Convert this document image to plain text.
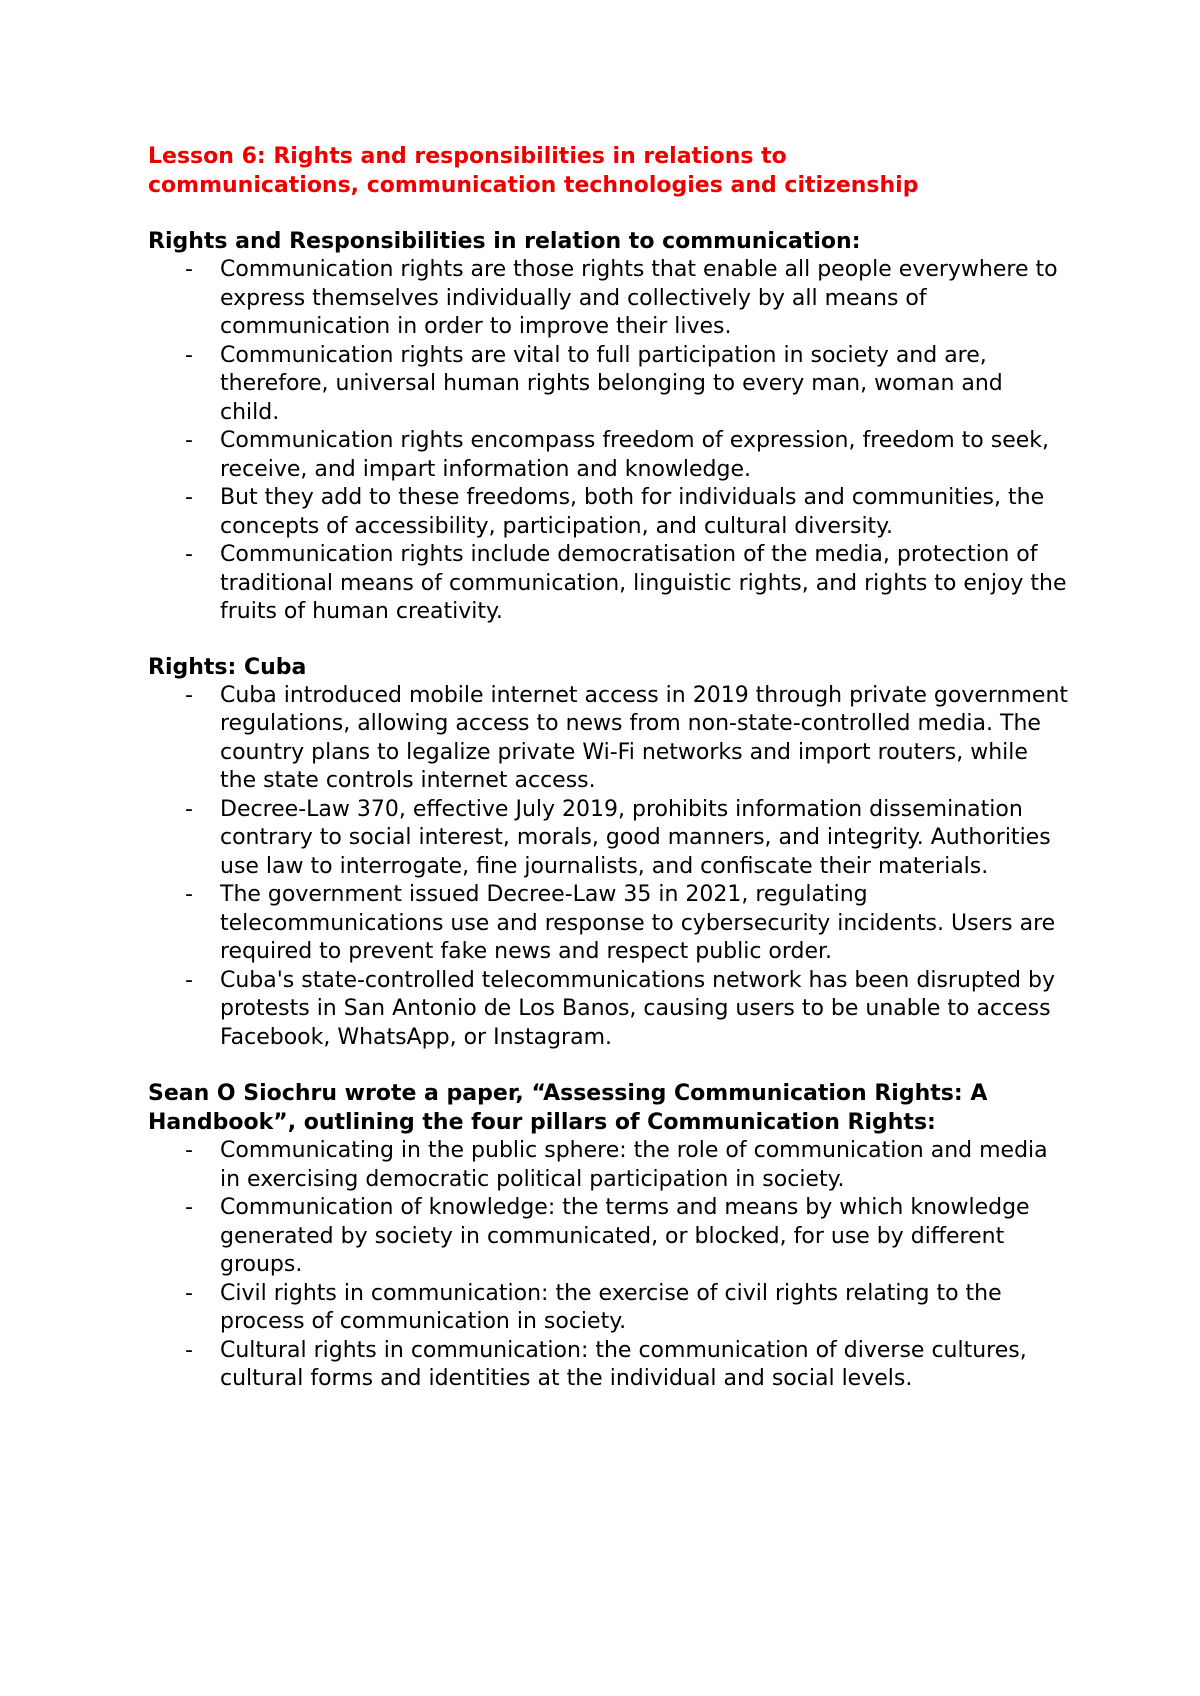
Lesson 6: Rights and responsibilities in relations to
communications, communication technologies and citizenship
Rights and Responsibilities in relation to communication:
- Communication rights are those rights that enable all people everywhere to express themselves individually and collectively by all means of communication in order to improve their lives.
- Communication rights are vital to full participation in society and are, therefore, universal human rights belonging to every man, woman and child.
- Communication rights encompass freedom of expression, freedom to seek, receive, and impart information and knowledge.
- But they add to these freedoms, both for individuals and communities, the concepts of accessibility, participation, and cultural diversity.
- Communication rights include democratisation of the media, protection of traditional means of communication, linguistic rights, and rights to enjoy the fruits of human creativity.
Rights: Cuba
- Cuba introduced mobile internet access in 2019 through private government regulations, allowing access to news from non-state-controlled media. The country plans to legalize private Wi-Fi networks and import routers, while the state controls internet access.
- Decree-Law 370, effective July 2019, prohibits information dissemination contrary to social interest, morals, good manners, and integrity. Authorities use law to interrogate, fine journalists, and confiscate their materials.
- The government issued Decree-Law 35 in 2021, regulating telecommunications use and response to cybersecurity incidents. Users are required to prevent fake news and respect public order.
- Cuba's state-controlled telecommunications network has been disrupted by protests in San Antonio de Los Banos, causing users to be unable to access Facebook, WhatsApp, or Instagram.
Sean O Siochru wrote a paper, “Assessing Communication Rights: A Handbook”, outlining the four pillars of Communication Rights:
- Communicating in the public sphere: the role of communication and media in exercising democratic political participation in society.
- Communication of knowledge: the terms and means by which knowledge generated by society in communicated, or blocked, for use by different groups.
- Civil rights in communication: the exercise of civil rights relating to the process of communication in society.
- Cultural rights in communication: the communication of diverse cultures, cultural forms and identities at the individual and social levels.
